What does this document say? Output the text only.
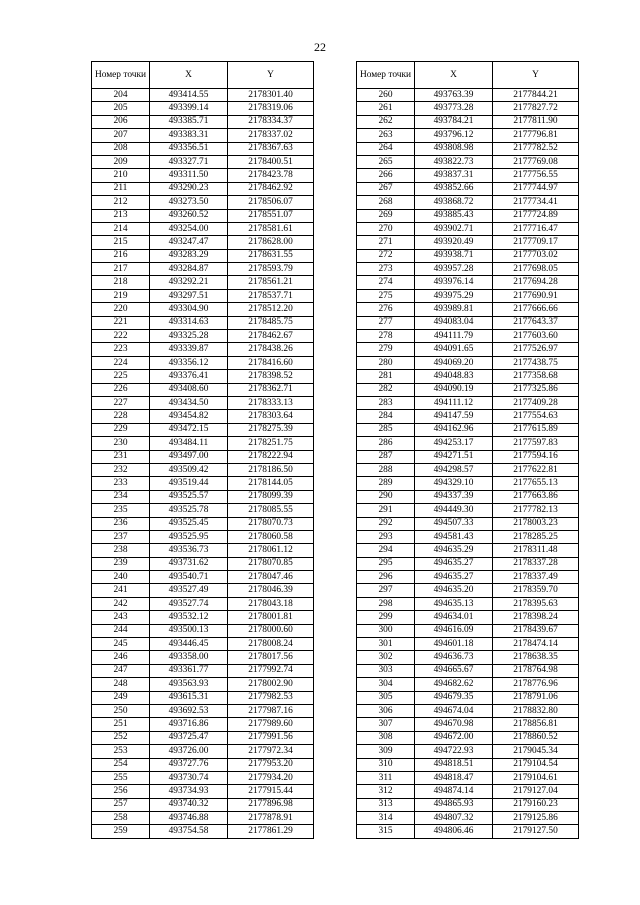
22
Номер точки	X	Y
204	493414.55	2178301.40
205	493399.14	2178319.06
206	493385.71	2178334.37
207	493383.31	2178337.02
208	493356.51	2178367.63
209	493327.71	2178400.51
210	493311.50	2178423.78
211	493290.23	2178462.92
212	493273.50	2178506.07
213	493260.52	2178551.07
214	493254.00	2178581.61
215	493247.47	2178628.00
216	493283.29	2178631.55
217	493284.87	2178593.79
218	493292.21	2178561.21
219	493297.51	2178537.71
220	493304.90	2178512.20
221	493314.63	2178485.75
222	493325.28	2178462.67
223	493339.87	2178438.26
224	493356.12	2178416.60
225	493376.41	2178398.52
226	493408.60	2178362.71
227	493434.50	2178333.13
228	493454.82	2178303.64
229	493472.15	2178275.39
230	493484.11	2178251.75
231	493497.00	2178222.94
232	493509.42	2178186.50
233	493519.44	2178144.05
234	493525.57	2178099.39
235	493525.78	2178085.55
236	493525.45	2178070.73
237	493525.95	2178060.58
238	493536.73	2178061.12
239	493731.62	2178070.85
240	493540.71	2178047.46
241	493527.49	2178046.39
242	493527.74	2178043.18
243	493532.12	2178001.81
244	493500.13	2178000.60
245	493446.45	2178008.24
246	493358.00	2178017.56
247	493361.77	2177992.74
248	493563.93	2178002.90
249	493615.31	2177982.53
250	493692.53	2177987.16
251	493716.86	2177989.60
252	493725.47	2177991.56
253	493726.00	2177972.34
254	493727.76	2177953.20
255	493730.74	2177934.20
256	493734.93	2177915.44
257	493740.32	2177896.98
258	493746.88	2177878.91
259	493754.58	2177861.29
Номер точки	X	Y
260	493763.39	2177844.21
261	493773.28	2177827.72
262	493784.21	2177811.90
263	493796.12	2177796.81
264	493808.98	2177782.52
265	493822.73	2177769.08
266	493837.31	2177756.55
267	493852.66	2177744.97
268	493868.72	2177734.41
269	493885.43	2177724.89
270	493902.71	2177716.47
271	493920.49	2177709.17
272	493938.71	2177703.02
273	493957.28	2177698.05
274	493976.14	2177694.28
275	493975.29	2177690.91
276	493989.81	2177666.66
277	494083.04	2177643.37
278	494111.79	2177603.60
279	494091.65	2177526.97
280	494069.20	2177438.75
281	494048.83	2177358.68
282	494090.19	2177325.86
283	494111.12	2177409.28
284	494147.59	2177554.63
285	494162.96	2177615.89
286	494253.17	2177597.83
287	494271.51	2177594.16
288	494298.57	2177622.81
289	494329.10	2177655.13
290	494337.39	2177663.86
291	494449.30	2177782.13
292	494507.33	2178003.23
293	494581.43	2178285.25
294	494635.29	2178311.48
295	494635.27	2178337.28
296	494635.27	2178337.49
297	494635.20	2178359.70
298	494635.13	2178395.63
299	494634.01	2178398.24
300	494616.09	2178439.67
301	494601.18	2178474.14
302	494636.73	2178638.35
303	494665.67	2178764.98
304	494682.62	2178776.96
305	494679.35	2178791.06
306	494674.04	2178832.80
307	494670.98	2178856.81
308	494672.00	2178860.52
309	494722.93	2179045.34
310	494818.51	2179104.54
311	494818.47	2179104.61
312	494874.14	2179127.04
313	494865.93	2179160.23
314	494807.32	2179125.86
315	494806.46	2179127.50
